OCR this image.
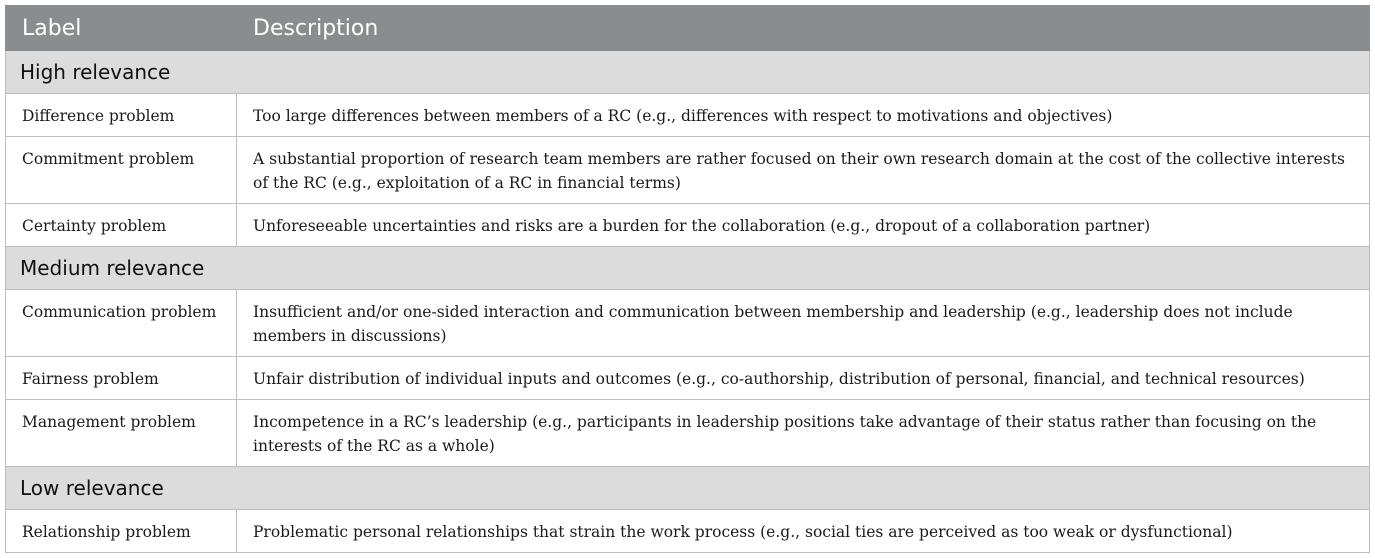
Label	Description
High relevance	
Difference problem	Too large differences between members of a RC (e.g., differences with respect to motivations and objectives)
Commitment problem	A substantial proportion of research team members are rather focused on their own research domain at the cost of the collective interests of the RC (e.g., exploitation of a RC in financial terms)
Certainty problem	Unforeseeable uncertainties and risks are a burden for the collaboration (e.g., dropout of a collaboration partner)
Medium relevance	
Communication problem	Insufficient and/or one-sided interaction and communication between membership and leadership (e.g., leadership does not include members in discussions)
Fairness problem	Unfair distribution of individual inputs and outcomes (e.g., co-authorship, distribution of personal, financial, and technical resources)
Management problem	Incompetence in a RC’s leadership (e.g., participants in leadership positions take advantage of their status rather than focusing on the interests of the RC as a whole)
Low relevance	
Relationship problem	Problematic personal relationships that strain the work process (e.g., social ties are perceived as too weak or dysfunctional)
